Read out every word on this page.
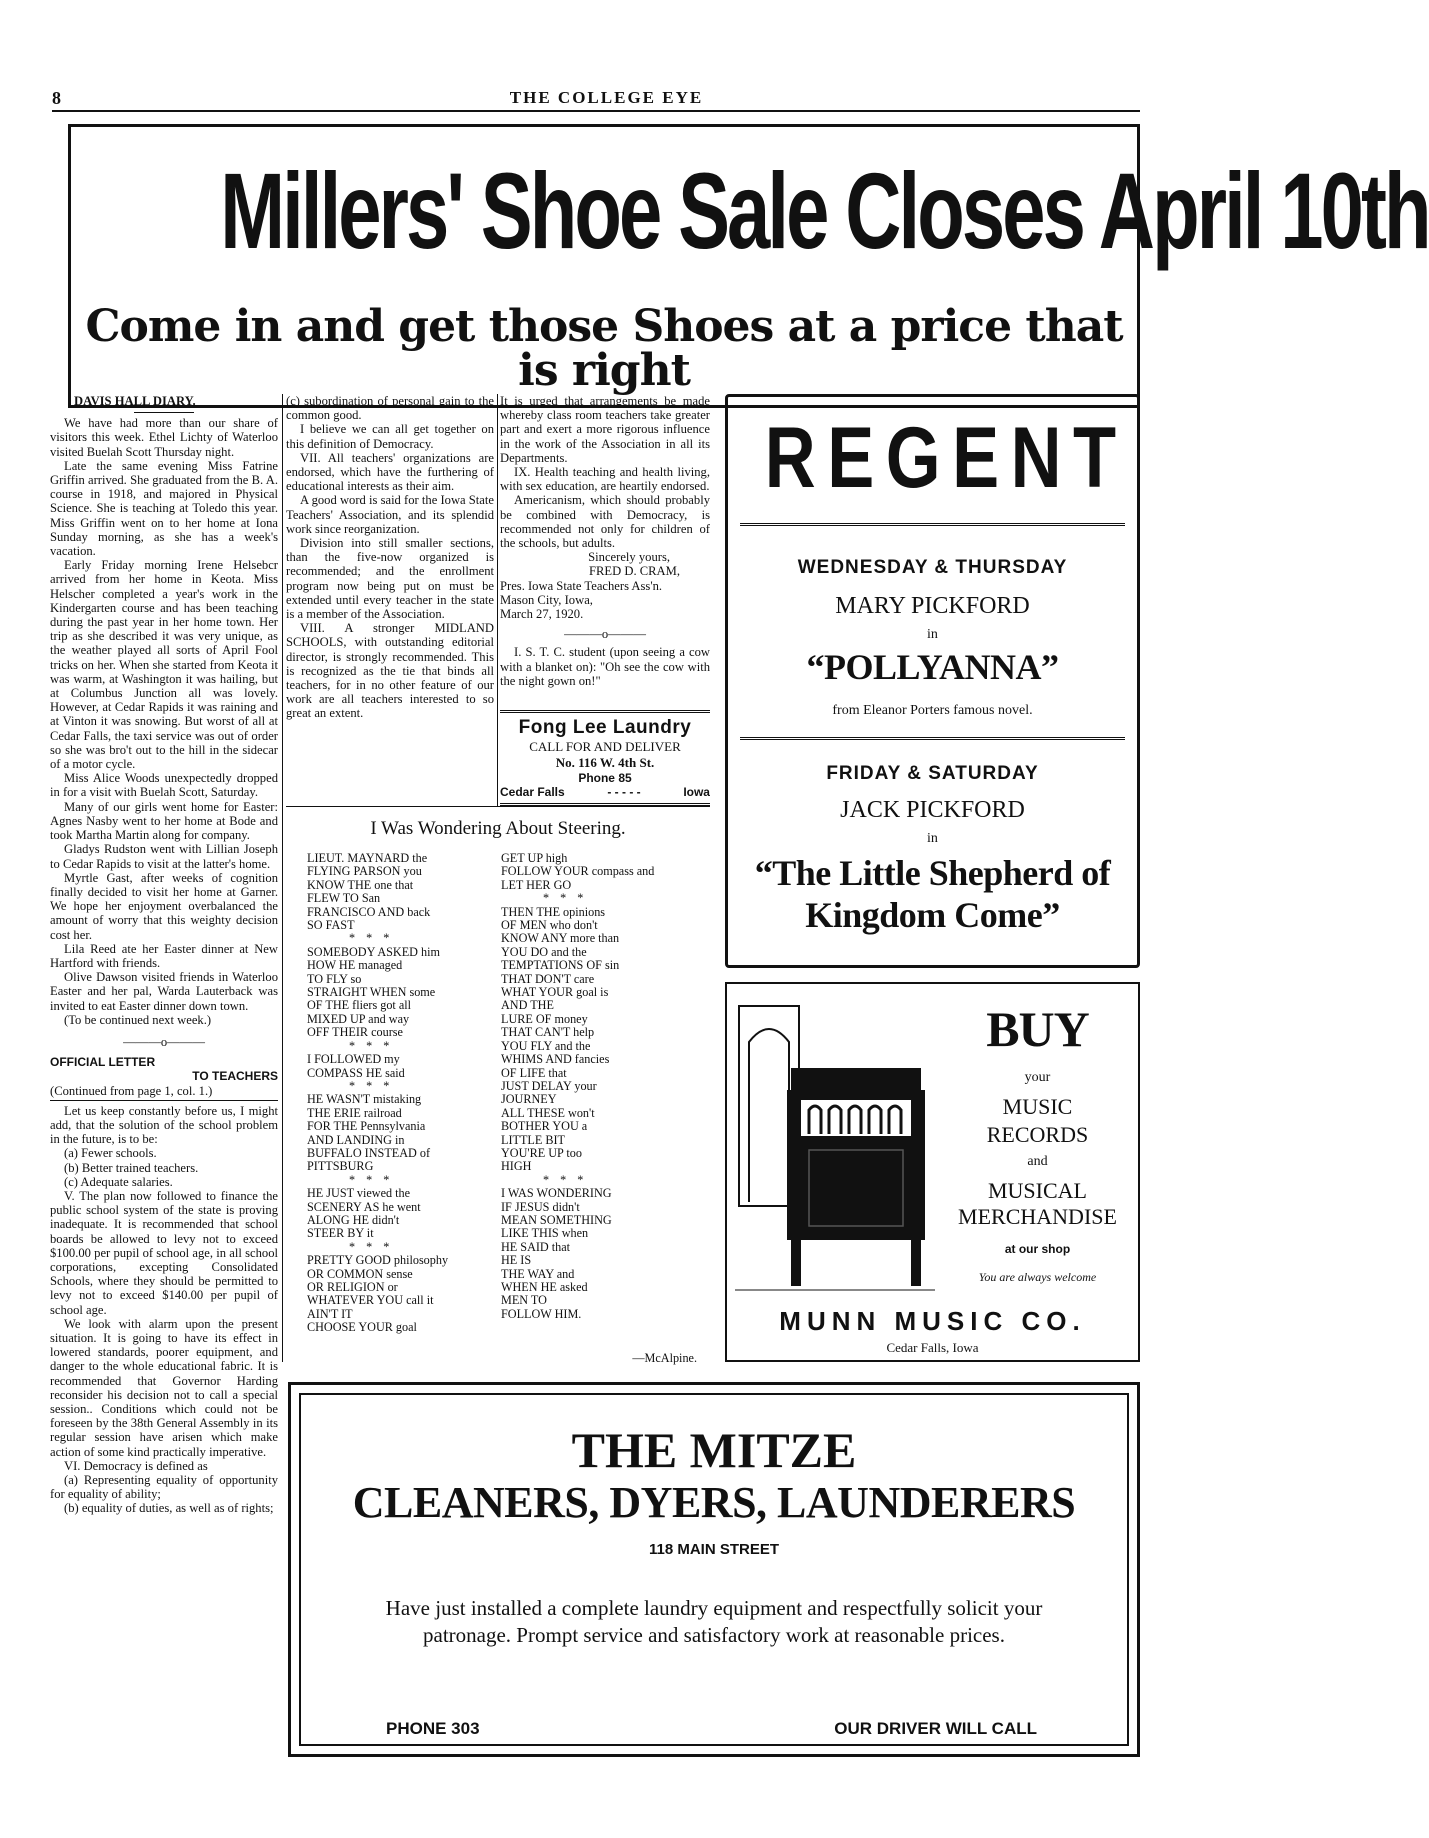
8	THE COLLEGE EYE
Millers' Shoe Sale Closes April 10th
Come in and get those Shoes at a price that is right

DAVIS HALL DIARY.

We have had more than our share of visitors this week. Ethel Lichty of Waterloo visited Buelah Scott Thursday night.

Late the same evening Miss Fatrine Griffin arrived. She graduated from the B. A. course in 1918, and majored in Physical Science. She is teaching at Toledo this year. Miss Griffin went on to her home at Iona Sunday morning, as she has a week's vacation.

Early Friday morning Irene Helsebcr arrived from her home in Keota. Miss Helscher completed a year's work in the Kindergarten course and has been teaching during the past year in her home town. Her trip as she described it was very unique, as the weather played all sorts of April Fool tricks on her. When she started from Keota it was warm, at Washington it was hailing, but at Columbus Junction all was lovely. However, at Cedar Rapids it was raining and at Vinton it was snowing. But worst of all at Cedar Falls, the taxi service was out of order so she was bro't out to the hill in the sidecar of a motor cycle.

Miss Alice Woods unexpectedly dropped in for a visit with Buelah Scott, Saturday.

Many of our girls went home for Easter: Agnes Nasby went to her home at Bode and took Martha Martin along for company.

Gladys Rudston went with Lillian Joseph to Cedar Rapids to visit at the latter's home.

Myrtle Gast, after weeks of cognition finally decided to visit her home at Garner. We hope her enjoyment overbalanced the amount of worry that this weighty decision cost her.

Lila Reed ate her Easter dinner at New Hartford with friends.

Olive Dawson visited friends in Waterloo Easter and her pal, Warda Lauterback was invited to eat Easter dinner down town.

(To be continued next week.)

———o———

OFFICIAL LETTER

TO TEACHERS

(Continued from page 1, col. 1.)

Let us keep constantly before us, I might add, that the solution of the school problem in the future, is to be:

(a) Fewer schools.

(b) Better trained teachers.

(c) Adequate salaries.

V. The plan now followed to finance the public school system of the state is proving inadequate. It is recommended that school boards be allowed to levy not to exceed $100.00 per pupil of school age, in all school corporations, excepting Consolidated Schools, where they should be permitted to levy not to exceed $140.00 per pupil of school age.

We look with alarm upon the present situation. It is going to have its effect in lowered standards, poorer equipment, and danger to the whole educational fabric. It is recommended that Governor Harding reconsider his decision not to call a special session.. Conditions which could not be foreseen by the 38th General Assembly in its regular session have arisen which make action of some kind practically imperative.

VI. Democracy is defined as

(a) Representing equality of opportunity for equality of ability;

(b) equality of duties, as well as of rights;

(c) subordination of personal gain to the common good.

I believe we can all get together on this definition of Democracy.

VII. All teachers' organizations are endorsed, which have the furthering of educational interests as their aim.

A good word is said for the Iowa State Teachers' Association, and its splendid work since reorganization.

Division into still smaller sections, than the five-now organized is recommended; and the enrollment program now being put on must be extended until every teacher in the state is a member of the Association.

VIII. A stronger MIDLAND SCHOOLS, with outstanding editorial director, is strongly recommended. This is recognized as the tie that binds all teachers, for in no other feature of our work are all teachers interested to so great an extent.

It is urged that arrangements be made whereby class room teachers take greater part and exert a more rigorous influence in the work of the Association in all its Departments.

IX. Health teaching and health living, with sex education, are heartily endorsed.

Americanism, which should probably be combined with Democracy, is recommended not only for children of the schools, but adults.

Sincerely yours,

FRED D. CRAM,

Pres. Iowa State Teachers Ass'n.

Mason City, Iowa,

March 27, 1920.

———o———

I. S. T. C. student (upon seeing a cow with a blanket on): "Oh see the cow with the night gown on!"

Fong Lee Laundry
CALL FOR AND DELIVER
No. 116 W. 4th St.
Phone 85
Cedar Falls	- - - - -	Iowa
I Was Wondering About Steering.
LIEUT. MAYNARD the
FLYING PARSON you
KNOW THE one that
FLEW TO San
FRANCISCO AND back
SO FAST
* * *
SOMEBODY ASKED him
HOW HE managed
TO FLY so
STRAIGHT WHEN some
OF THE fliers got all
MIXED UP and way
OFF THEIR course
* * *
I FOLLOWED my
COMPASS HE said
* * *
HE WASN'T mistaking
THE ERIE railroad
FOR THE Pennsylvania
AND LANDING in
BUFFALO INSTEAD of
PITTSBURG
* * *
HE JUST viewed the
SCENERY AS he went
ALONG HE didn't
STEER BY it
* * *
PRETTY GOOD philosophy
OR COMMON sense
OR RELIGION or
WHATEVER YOU call it
AIN'T IT
CHOOSE YOUR goal
GET UP high
FOLLOW YOUR compass and
LET HER GO
* * *
THEN THE opinions
OF MEN who don't
KNOW ANY more than
YOU DO and the
TEMPTATIONS OF sin
THAT DON'T care
WHAT YOUR goal is
AND THE
LURE OF money
THAT CAN'T help
YOU FLY and the
WHIMS AND fancies
OF LIFE that
JUST DELAY your
JOURNEY
ALL THESE won't
BOTHER YOU a
LITTLE BIT
YOU'RE UP too
HIGH
* * *
I WAS WONDERING
IF JESUS didn't
MEAN SOMETHING
LIKE THIS when
HE SAID that
HE IS
THE WAY and
WHEN HE asked
MEN TO
FOLLOW HIM.
—McAlpine.
REGENT
WEDNESDAY & THURSDAY
MARY PICKFORD
in
“POLLYANNA”
from Eleanor Porters famous novel.
FRIDAY & SATURDAY
JACK PICKFORD
in
“The Little Shepherd of
Kingdom Come”
BUY
your
MUSIC
RECORDS
and
MUSICAL
MERCHANDISE
at our shop
You are always welcome
MUNN MUSIC CO.
Cedar Falls, Iowa
THE MITZE
CLEANERS, DYERS, LAUNDERERS
118 MAIN STREET
Have just installed a complete laundry equipment and respectfully solicit your patronage. Prompt service and satisfactory work at reasonable prices.
PHONE 303	OUR DRIVER WILL CALL
